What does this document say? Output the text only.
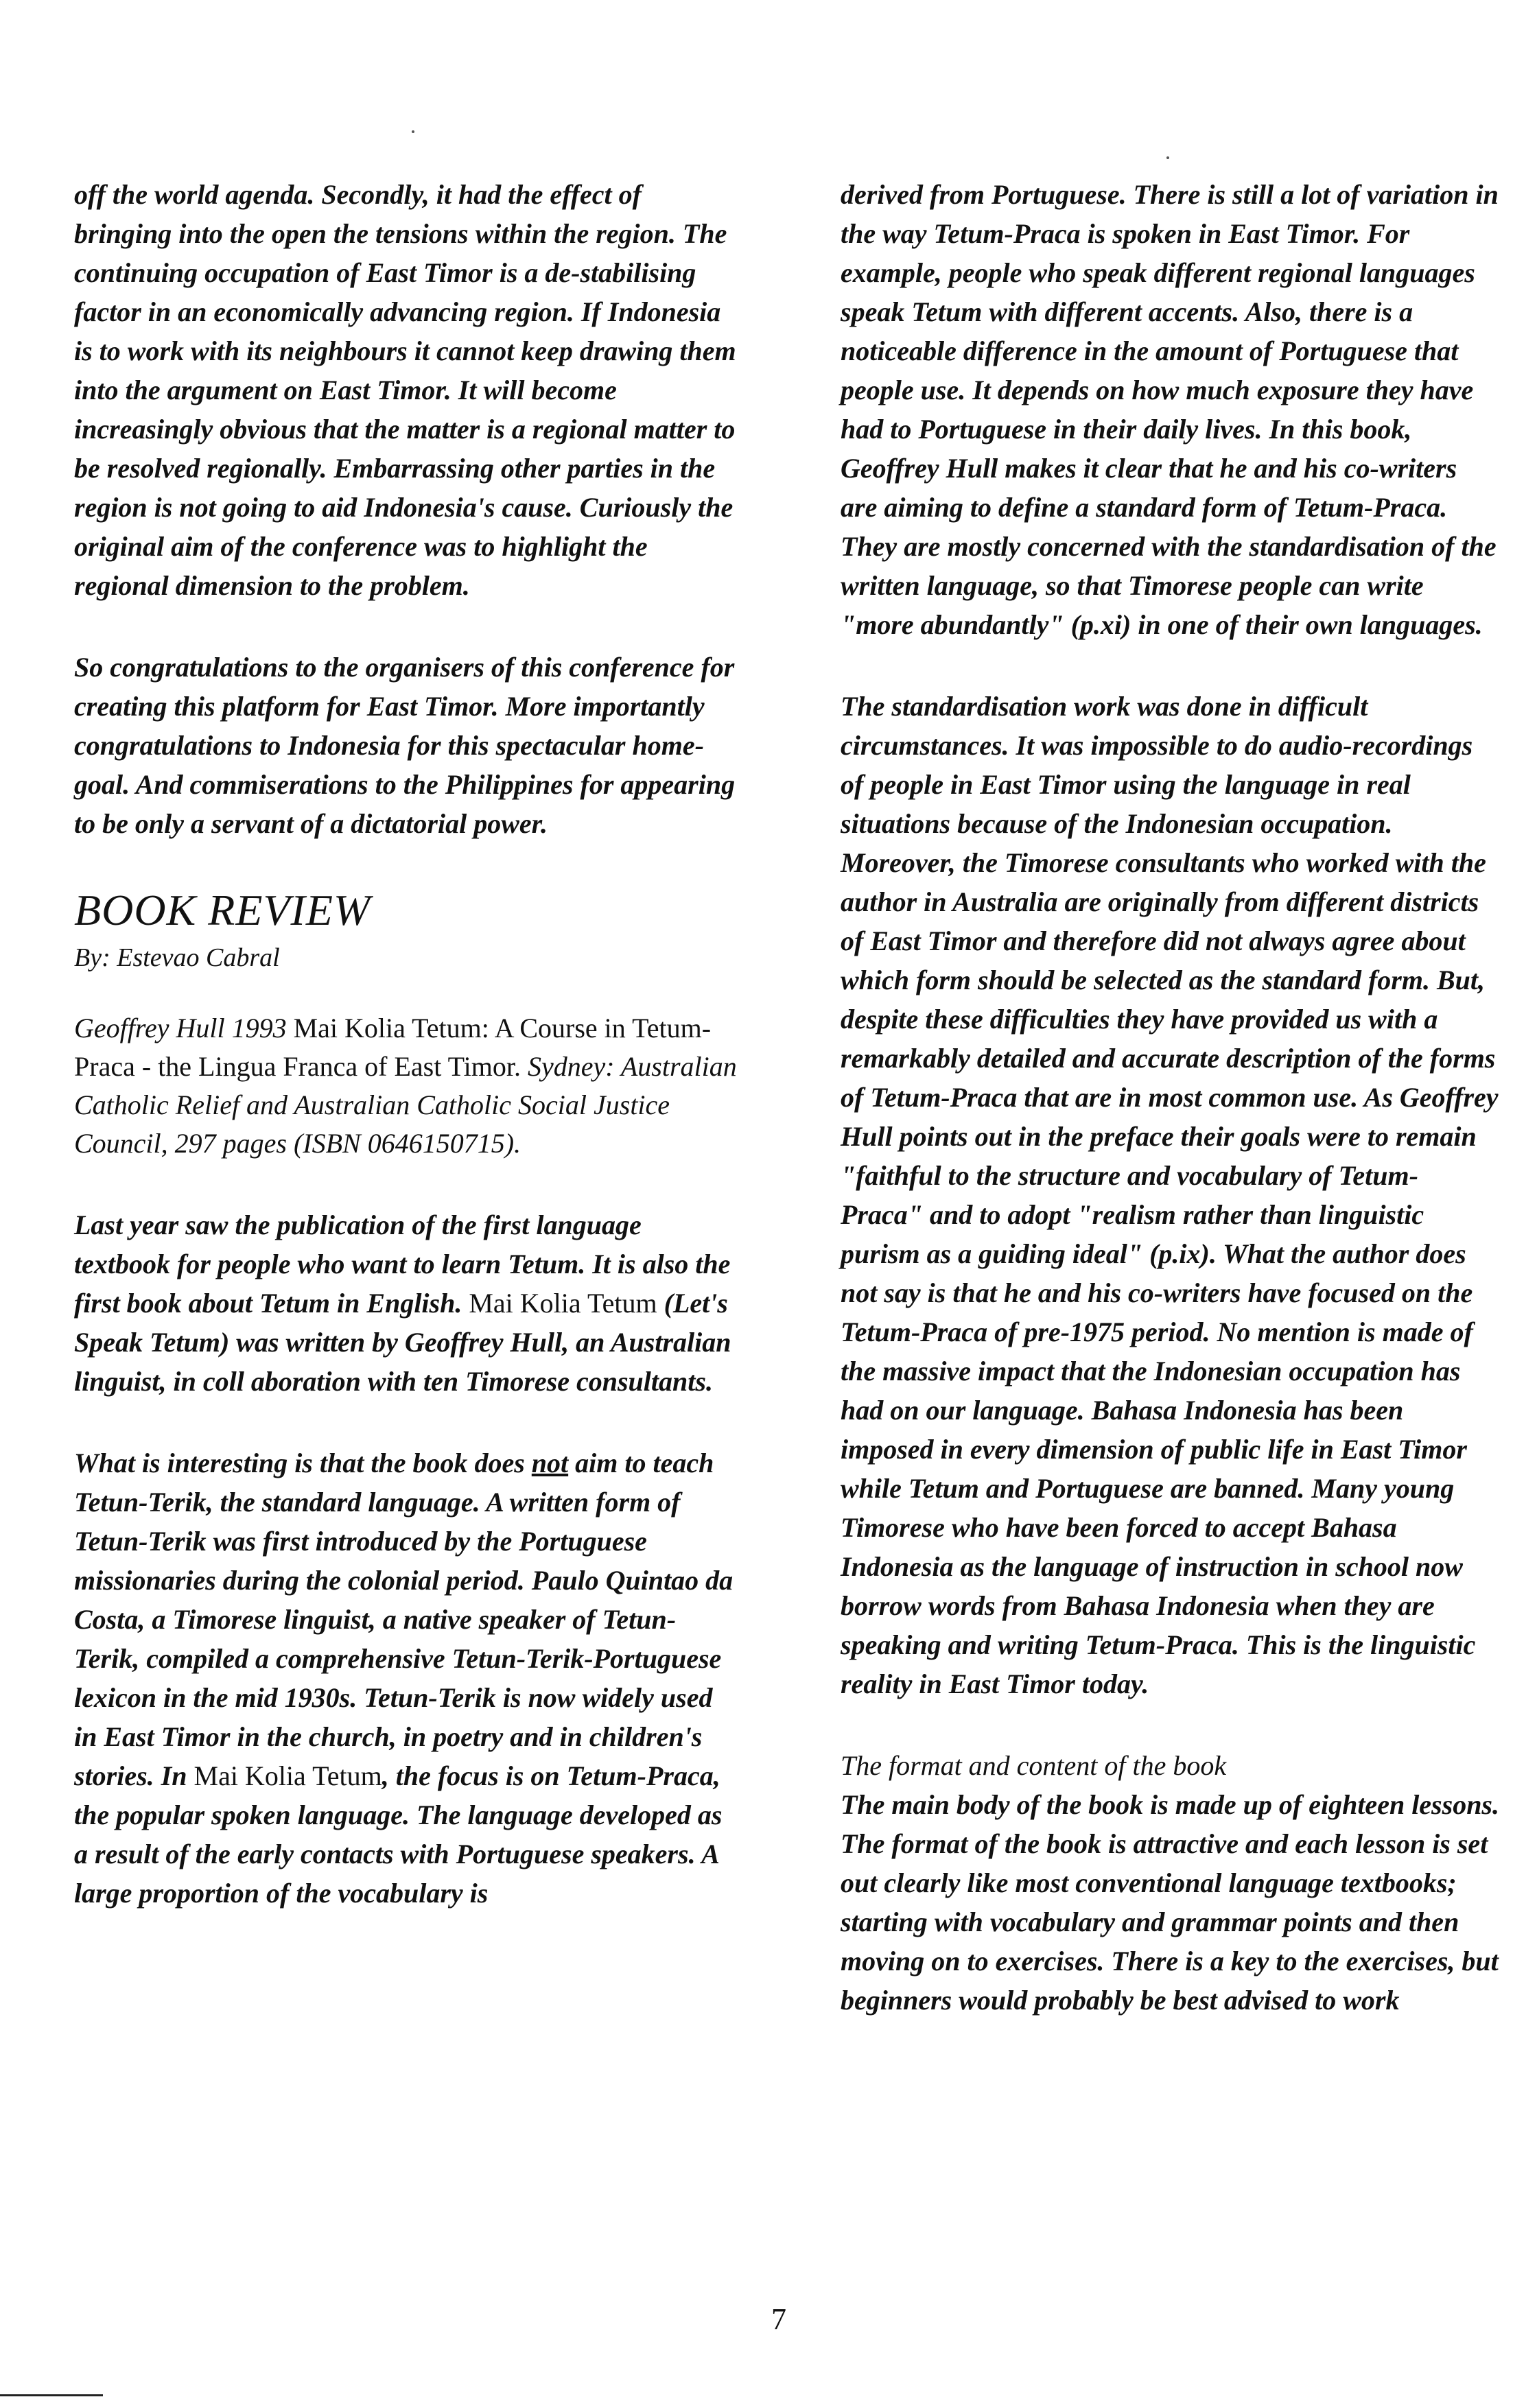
off the world agenda. Secondly, it had the effect of bringing into the open the tensions within the region. The continuing occupation of East Timor is a de-stabilising factor in an economically advancing region. If Indonesia is to work with its neighbours it cannot keep drawing them into the argument on East Timor. It will become increasingly obvious that the matter is a regional matter to be resolved regionally. Embarrassing other parties in the region is not going to aid Indonesia's cause. Curiously the original aim of the conference was to highlight the regional dimension to the problem.

So congratulations to the organisers of this conference for creating this platform for East Timor. More importantly congratulations to Indonesia for this spectacular home-goal. And commiserations to the Philippines for appearing to be only a servant of a dictatorial power.

BOOK REVIEW
By: Estevao Cabral

Geoffrey Hull 1993 Mai Kolia Tetum: A Course in Tetum-Praca - the Lingua Franca of East Timor. Sydney: Australian Catholic Relief and Australian Catholic Social Justice Council, 297 pages (ISBN 0646150715).

Last year saw the publication of the first language textbook for people who want to learn Tetum. It is also the first book about Tetum in English. Mai Kolia Tetum (Let's Speak Tetum) was written by Geoffrey Hull, an Australian linguist, in coll aboration with ten Timorese consultants.

What is interesting is that the book does not aim to teach Tetun-Terik, the standard language. A written form of Tetun-Terik was first introduced by the Portuguese missionaries during the colonial period. Paulo Quintao da Costa, a Timorese linguist, a native speaker of Tetun-Terik, compiled a comprehensive Tetun-Terik-Portuguese lexicon in the mid 1930s. Tetun-Terik is now widely used in East Timor in the church, in poetry and in children's stories. In Mai Kolia Tetum, the focus is on Tetum-Praca, the popular spoken language. The language developed as a result of the early contacts with Portuguese speakers. A large proportion of the vocabulary is

derived from Portuguese. There is still a lot of variation in the way Tetum-Praca is spoken in East Timor. For example, people who speak different regional languages speak Tetum with different accents. Also, there is a noticeable difference in the amount of Portuguese that people use. It depends on how much exposure they have had to Portuguese in their daily lives. In this book, Geoffrey Hull makes it clear that he and his co-writers are aiming to define a standard form of Tetum-Praca. They are mostly concerned with the standardisation of the written language, so that Timorese people can write "more abundantly" (p.xi) in one of their own languages.

The standardisation work was done in difficult circumstances. It was impossible to do audio-recordings of people in East Timor using the language in real situations because of the Indonesian occupation. Moreover, the Timorese consultants who worked with the author in Australia are originally from different districts of East Timor and therefore did not always agree about which form should be selected as the standard form. But, despite these difficulties they have provided us with a remarkably detailed and accurate description of the forms of Tetum-Praca that are in most common use. As Geoffrey Hull points out in the preface their goals were to remain "faithful to the structure and vocabulary of Tetum-Praca" and to adopt "realism rather than linguistic purism as a guiding ideal" (p.ix). What the author does not say is that he and his co-writers have focused on the Tetum-Praca of pre-1975 period. No mention is made of the massive impact that the Indonesian occupation has had on our language. Bahasa Indonesia has been imposed in every dimension of public life in East Timor while Tetum and Portuguese are banned. Many young Timorese who have been forced to accept Bahasa Indonesia as the language of instruction in school now borrow words from Bahasa Indonesia when they are speaking and writing Tetum-Praca. This is the linguistic reality in East Timor today.

The format and content of the book

The main body of the book is made up of eighteen lessons. The format of the book is attractive and each lesson is set out clearly like most conventional language textbooks; starting with vocabulary and grammar points and then moving on to exercises. There is a key to the exercises, but beginners would probably be best advised to work

7
